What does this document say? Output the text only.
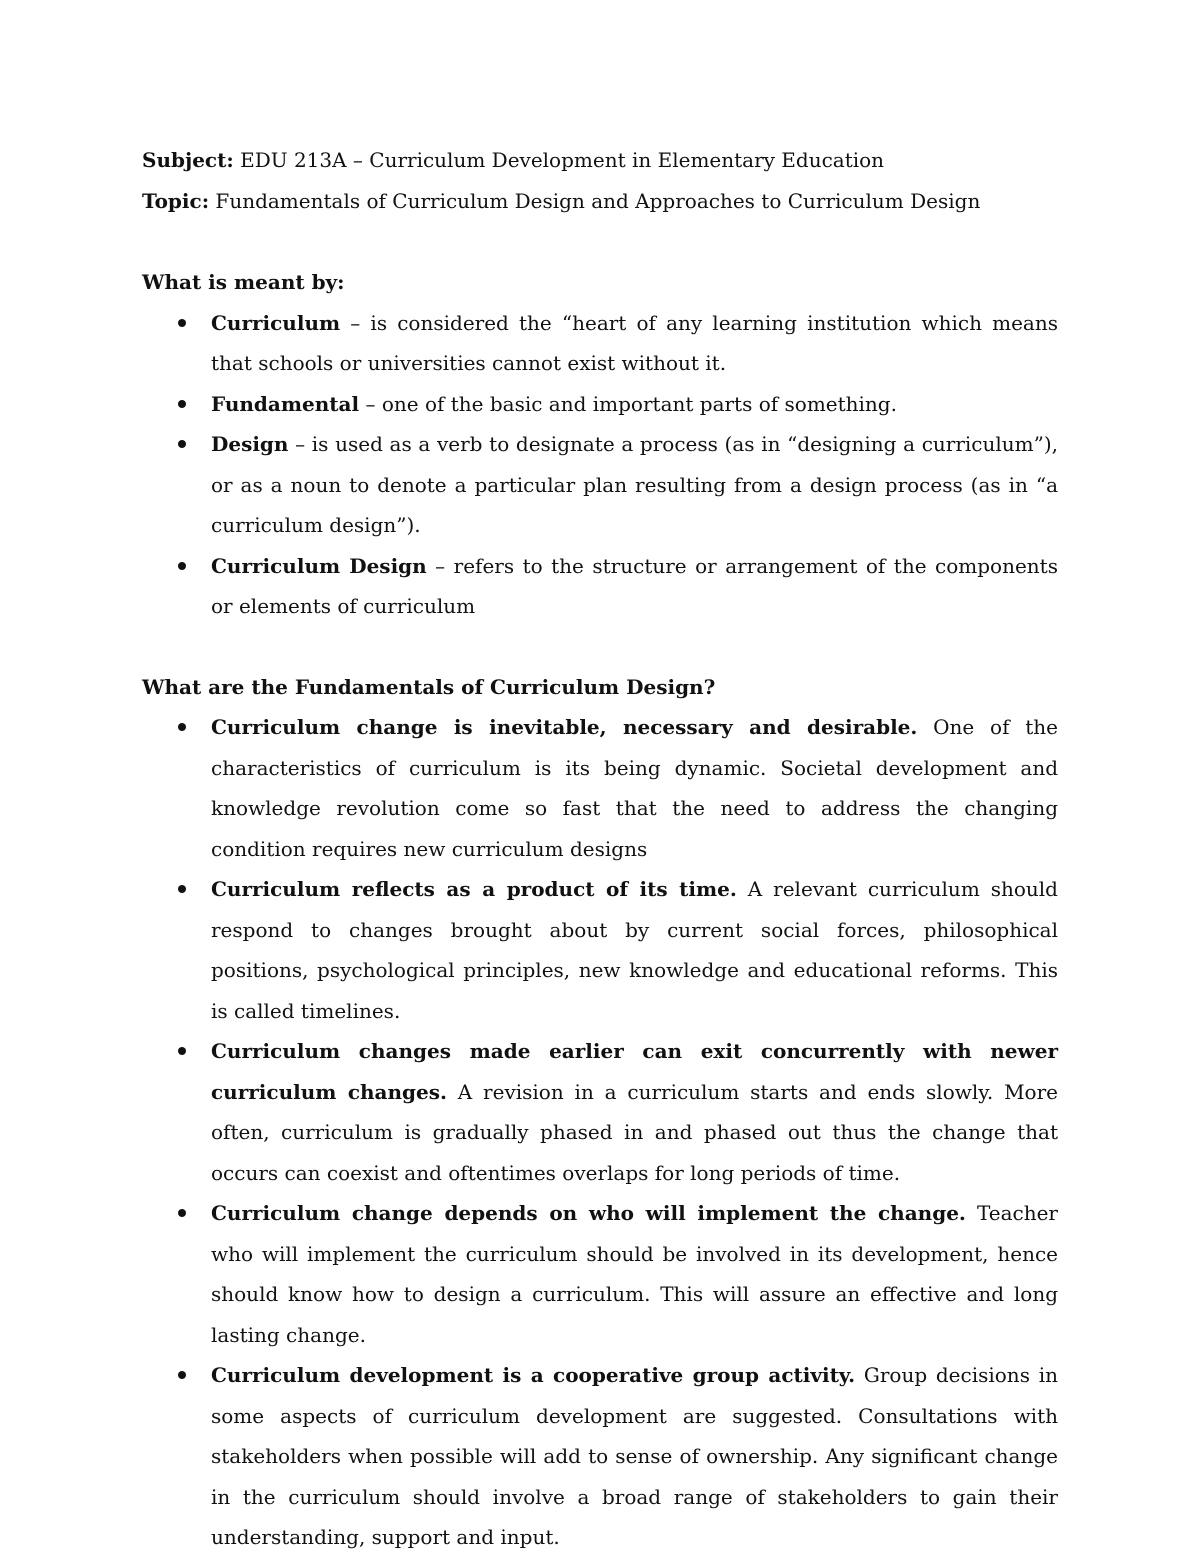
Subject: EDU 213A – Curriculum Development in Elementary Education

Topic: Fundamentals of Curriculum Design and Approaches to Curriculum Design

What is meant by:

Curriculum – is considered the “heart of any learning institution which means that schools or universities cannot exist without it.
Fundamental – one of the basic and important parts of something.
Design – is used as a verb to designate a process (as in “designing a curriculum”), or as a noun to denote a particular plan resulting from a design process (as in “a curriculum design”).
Curriculum Design – refers to the structure or arrangement of the components or elements of curriculum

What are the Fundamentals of Curriculum Design?

Curriculum change is inevitable, necessary and desirable. One of the characteristics of curriculum is its being dynamic. Societal development and knowledge revolution come so fast that the need to address the changing condition requires new curriculum designs
Curriculum reflects as a product of its time. A relevant curriculum should respond to changes brought about by current social forces, philosophical positions, psychological principles, new knowledge and educational reforms. This is called timelines.
Curriculum changes made earlier can exit concurrently with newer curriculum changes. A revision in a curriculum starts and ends slowly. More often, curriculum is gradually phased in and phased out thus the change that occurs can coexist and oftentimes overlaps for long periods of time.
Curriculum change depends on who will implement the change. Teacher who will implement the curriculum should be involved in its development, hence should know how to design a curriculum. This will assure an effective and long lasting change.
Curriculum development is a cooperative group activity. Group decisions in some aspects of curriculum development are suggested. Consultations with stakeholders when possible will add to sense of ownership. Any significant change in the curriculum should involve a broad range of stakeholders to gain their understanding, support and input.
